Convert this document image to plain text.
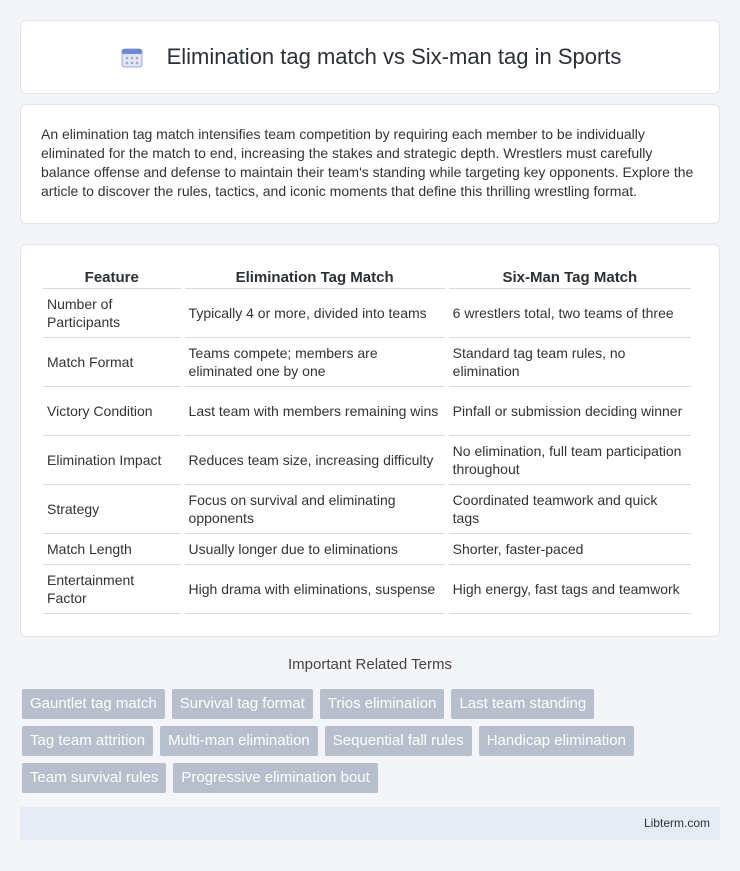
Elimination tag match vs Six-man tag in Sports

An elimination tag match intensifies team competition by requiring each member to be individually eliminated for the match to end, increasing the stakes and strategic depth. Wrestlers must carefully balance offense and defense to maintain their team's standing while targeting key opponents. Explore the article to discover the rules, tactics, and iconic moments that define this thrilling wrestling format.

Feature	Elimination Tag Match	Six-Man Tag Match
Number of Participants	Typically 4 or more, divided into teams	6 wrestlers total, two teams of three
Match Format	Teams compete; members are eliminated one by one	Standard tag team rules, no elimination
Victory Condition	Last team with members remaining wins	Pinfall or submission deciding winner
Elimination Impact	Reduces team size, increasing difficulty	No elimination, full team participation throughout
Strategy	Focus on survival and eliminating opponents	Coordinated teamwork and quick tags
Match Length	Usually longer due to eliminations	Shorter, faster-paced
Entertainment Factor	High drama with eliminations, suspense	High energy, fast tags and teamwork
Important Related Terms
Gauntlet tag match	Survival tag format	Trios elimination	Last team standing
Tag team attrition	Multi-man elimination	Sequential fall rules	Handicap elimination
Team survival rules	Progressive elimination bout
Libterm.com
